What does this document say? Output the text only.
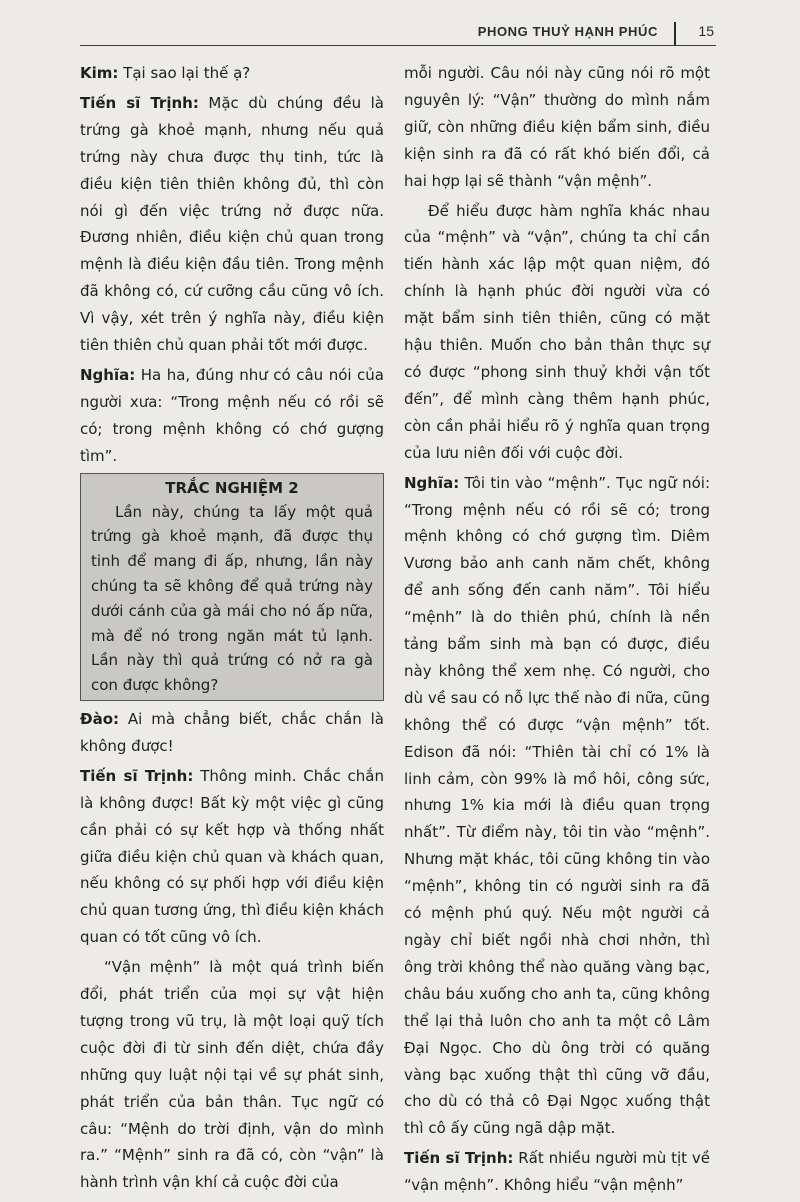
PHONG THUỶ HẠNH PHÚC	15

Kim: Tại sao lại thế ạ?

Tiến sĩ Trịnh: Mặc dù chúng đều là trứng gà khoẻ mạnh, nhưng nếu quả trứng này chưa được thụ tinh, tức là điều kiện tiên thiên không đủ, thì còn nói gì đến việc trứng nở được nữa. Đương nhiên, điều kiện chủ quan trong mệnh là điều kiện đầu tiên. Trong mệnh đã không có, cứ cưỡng cầu cũng vô ích. Vì vậy, xét trên ý nghĩa này, điều kiện tiên thiên chủ quan phải tốt mới được.

Nghĩa: Ha ha, đúng như có câu nói của người xưa: “Trong mệnh nếu có rồi sẽ có; trong mệnh không có chớ gượng tìm”.

TRẮC NGHIỆM 2
Lần này, chúng ta lấy một quả trứng gà khoẻ mạnh, đã được thụ tinh để mang đi ấp, nhưng, lần này chúng ta sẽ không để quả trứng này dưới cánh của gà mái cho nó ấp nữa, mà để nó trong ngăn mát tủ lạnh. Lần này thì quả trứng có nở ra gà con được không?

Đào: Ai mà chẳng biết, chắc chắn là không được!

Tiến sĩ Trịnh: Thông minh. Chắc chắn là không được! Bất kỳ một việc gì cũng cần phải có sự kết hợp và thống nhất giữa điều kiện chủ quan và khách quan, nếu không có sự phối hợp với điều kiện chủ quan tương ứng, thì điều kiện khách quan có tốt cũng vô ích.

“Vận mệnh” là một quá trình biến đổi, phát triển của mọi sự vật hiện tượng trong vũ trụ, là một loại quỹ tích cuộc đời đi từ sinh đến diệt, chứa đầy những quy luật nội tại về sự phát sinh, phát triển của bản thân. Tục ngữ có câu: “Mệnh do trời định, vận do mình ra.” “Mệnh” sinh ra đã có, còn “vận” là hành trình vận khí cả cuộc đời của

mỗi người. Câu nói này cũng nói rõ một nguyên lý: “Vận” thường do mình nắm giữ, còn những điều kiện bẩm sinh, điều kiện sinh ra đã có rất khó biến đổi, cả hai hợp lại sẽ thành “vận mệnh”.

Để hiểu được hàm nghĩa khác nhau của “mệnh” và “vận”, chúng ta chỉ cần tiến hành xác lập một quan niệm, đó chính là hạnh phúc đời người vừa có mặt bẩm sinh tiên thiên, cũng có mặt hậu thiên. Muốn cho bản thân thực sự có được “phong sinh thuỷ khởi vận tốt đến”, để mình càng thêm hạnh phúc, còn cần phải hiểu rõ ý nghĩa quan trọng của lưu niên đối với cuộc đời.

Nghĩa: Tôi tin vào “mệnh”. Tục ngữ nói: “Trong mệnh nếu có rồi sẽ có; trong mệnh không có chớ gượng tìm. Diêm Vương bảo anh canh năm chết, không để anh sống đến canh năm”. Tôi hiểu “mệnh” là do thiên phú, chính là nền tảng bẩm sinh mà bạn có được, điều này không thể xem nhẹ. Có người, cho dù về sau có nỗ lực thế nào đi nữa, cũng không thể có được “vận mệnh” tốt. Edison đã nói: “Thiên tài chỉ có 1% là linh cảm, còn 99% là mồ hôi, công sức, nhưng 1% kia mới là điều quan trọng nhất”. Từ điểm này, tôi tin vào “mệnh”. Nhưng mặt khác, tôi cũng không tin vào “mệnh”, không tin có người sinh ra đã có mệnh phú quý. Nếu một người cả ngày chỉ biết ngồi nhà chơi nhởn, thì ông trời không thể nào quăng vàng bạc, châu báu xuống cho anh ta, cũng không thể lại thả luôn cho anh ta một cô Lâm Đại Ngọc. Cho dù ông trời có quăng vàng bạc xuống thật thì cũng vỡ đầu, cho dù có thả cô Đại Ngọc xuống thật thì cô ấy cũng ngã dập mặt.

Tiến sĩ Trịnh: Rất nhiều người mù tịt về “vận mệnh”. Không hiểu “vận mệnh”
